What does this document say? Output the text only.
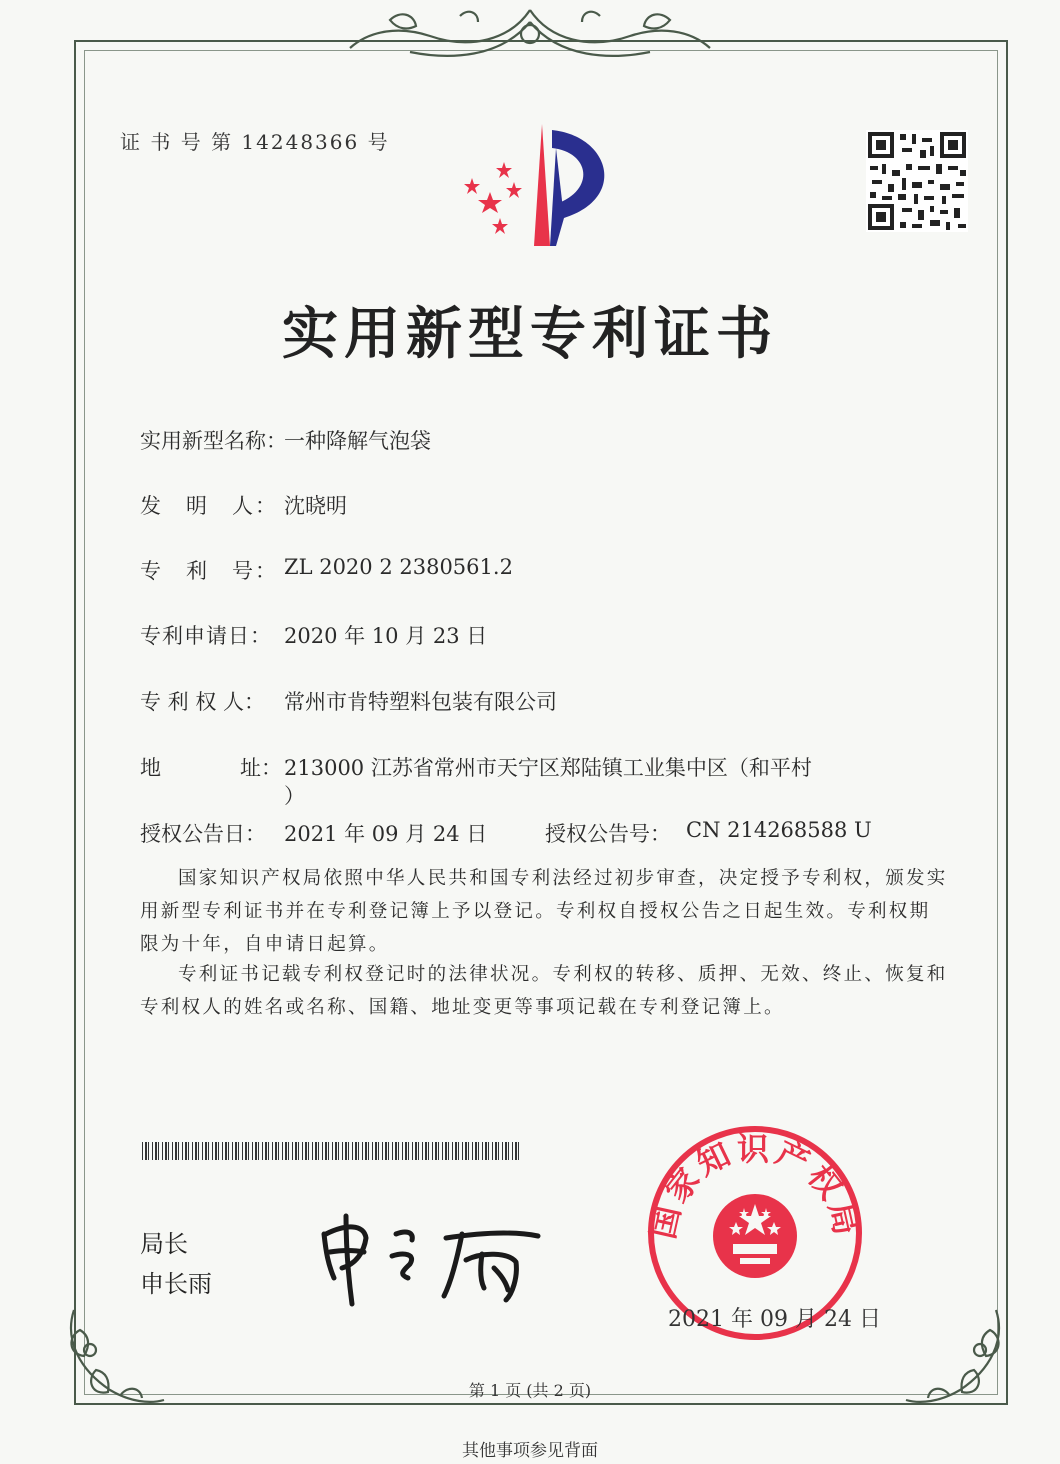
证 书 号 第 14248366 号
实用新型专利证书
实用新型名称：
一种降解气泡袋
发　明　人： 沈晓明
专　利　号： ZL 2020 2 2380561.2
专利申请日： 2020 年 10 月 23 日
专 利 权 人： 常州市肯特塑料包装有限公司
地	址： 213000 江苏省常州市天宁区郑陆镇工业集中区（和平村
）
授权公告日： 2021 年 09 月 24 日	授权公告号： CN 214268588 U
国家知识产权局依照中华人民共和国专利法经过初步审查，决定授予专利权，颁发实用新型专利证书并在专利登记簿上予以登记。专利权自授权公告之日起生效。专利权期限为十年，自申请日起算。
专利证书记载专利权登记时的法律状况。专利权的转移、质押、无效、终止、恢复和专利权人的姓名或名称、国籍、地址变更等事项记载在专利登记簿上。
局长
申长雨
国家知识产权局
2021 年 09 月 24 日
第 1 页 (共 2 页)
其他事项参见背面
